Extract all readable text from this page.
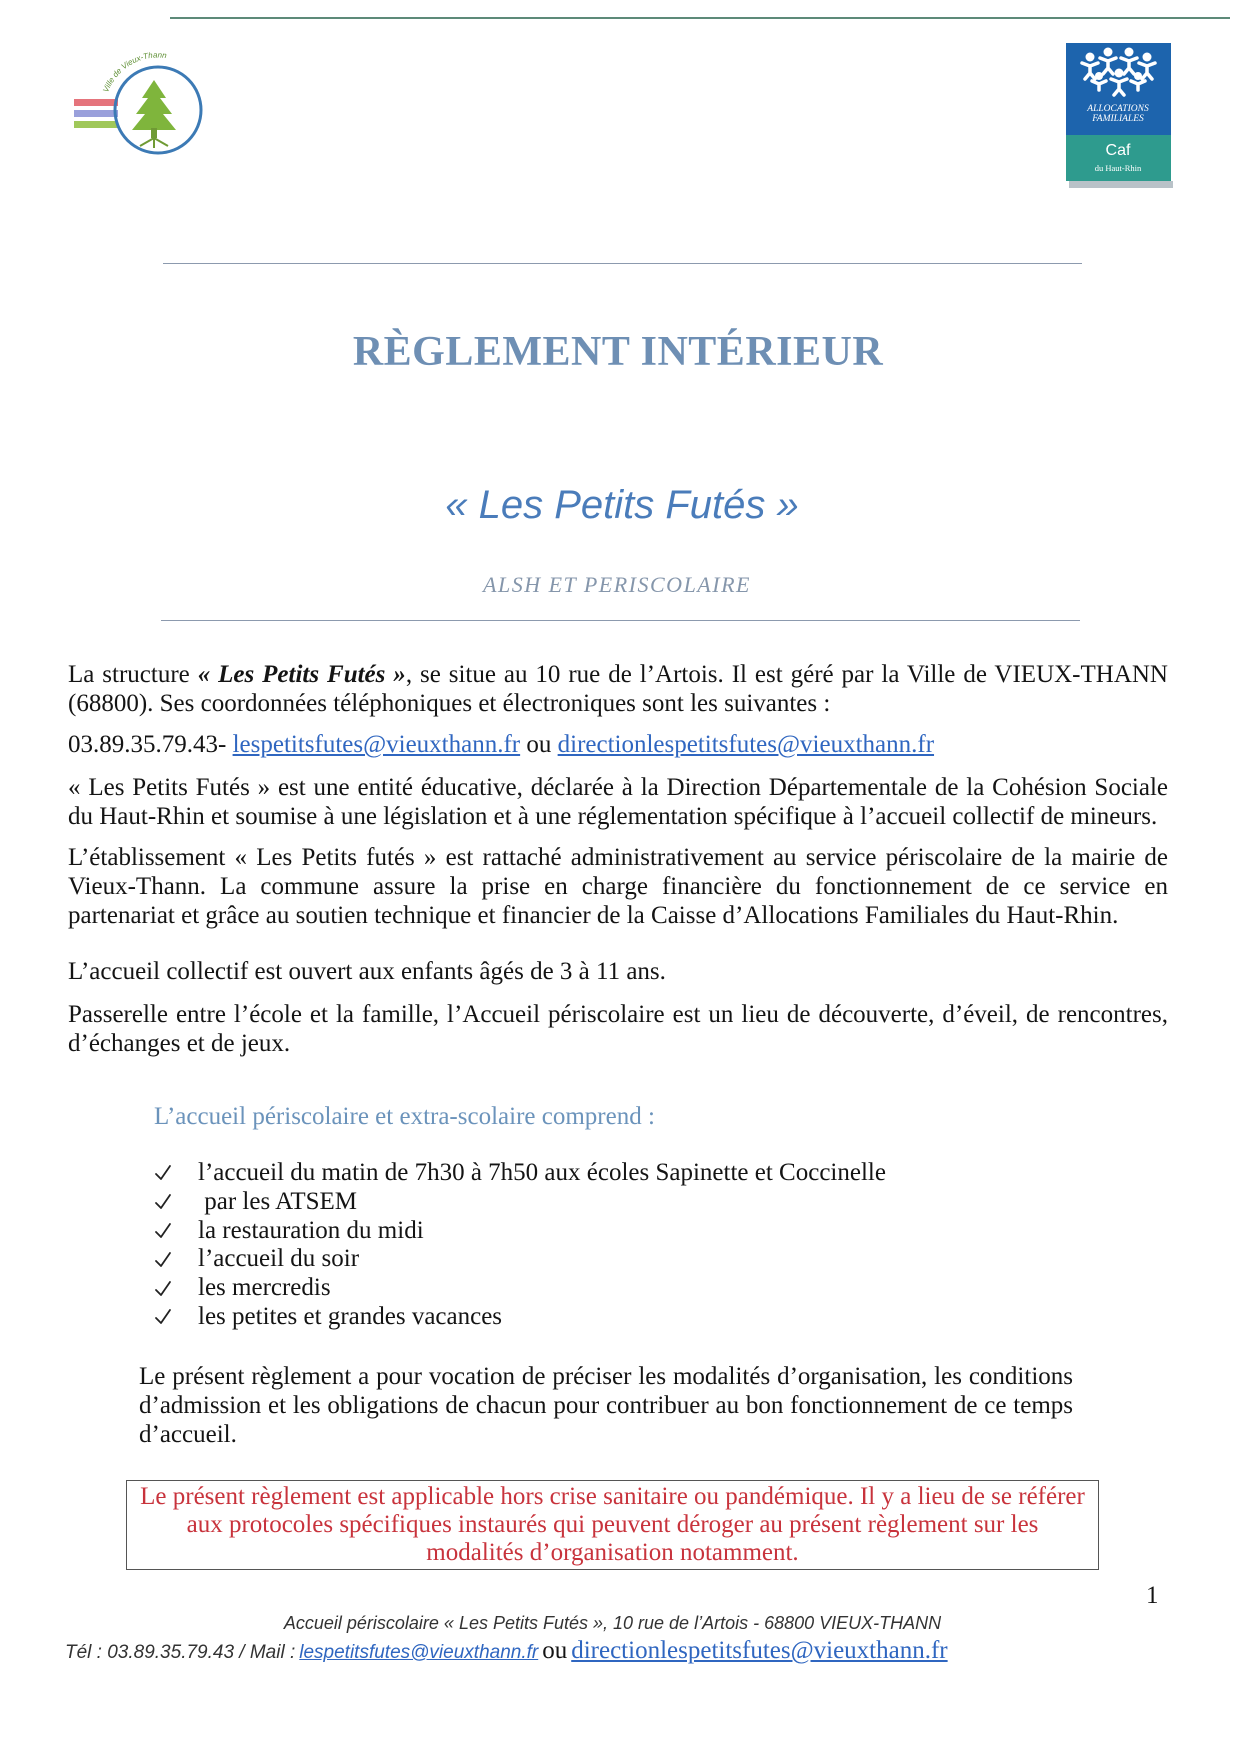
Ville de Vieux-Thann
ALLOCATIONS
FAMILIALES
Caf
du Haut-Rhin
RÈGLEMENT INTÉRIEUR
« Les Petits Futés »
ALSH ET PERISCOLAIRE

La structure « Les Petits Futés », se situe au 10 rue de l’Artois. Il est géré par la Ville de VIEUX-THANN (68800). Ses coordonnées téléphoniques et électroniques sont les suivantes :

03.89.35.79.43- lespetitsfutes@vieuxthann.fr ou directionlespetitsfutes@vieuxthann.fr

« Les Petits Futés » est une entité éducative, déclarée à la Direction Départementale de la Cohésion Sociale du Haut-Rhin et soumise à une législation et à une réglementation spécifique à l’accueil collectif de mineurs.

L’établissement « Les Petits futés » est rattaché administrativement au service périscolaire de la mairie de Vieux-Thann. La commune assure la prise en charge financière du fonctionnement de ce service en partenariat et grâce au soutien technique et financier de la Caisse d’Allocations Familiales du Haut-Rhin.

L’accueil collectif est ouvert aux enfants âgés de 3 à 11 ans.

Passerelle entre l’école et la famille, l’Accueil périscolaire est un lieu de découverte, d’éveil, de rencontres, d’échanges et de jeux.

L’accueil périscolaire et extra-scolaire comprend :
l’accueil du matin de 7h30 à 7h50 aux écoles Sapinette et Coccinelle
par les ATSEM
la restauration du midi
l’accueil du soir
les mercredis
les petites et grandes vacances

Le présent règlement a pour vocation de préciser les modalités d’organisation, les conditions d’admission et les obligations de chacun pour contribuer au bon fonctionnement de ce temps d’accueil.

Le présent règlement est applicable hors crise sanitaire ou pandémique. Il y a lieu de se référer
aux protocoles spécifiques instaurés qui peuvent déroger au présent règlement sur les
modalités d’organisation notamment.
1
Accueil périscolaire « Les Petits Futés », 10 rue de l’Artois - 68800 VIEUX-THANN
Tél : 03.89.35.79.43 / Mail : lespetitsfutes@vieuxthann.fr ou directionlespetitsfutes@vieuxthann.fr
